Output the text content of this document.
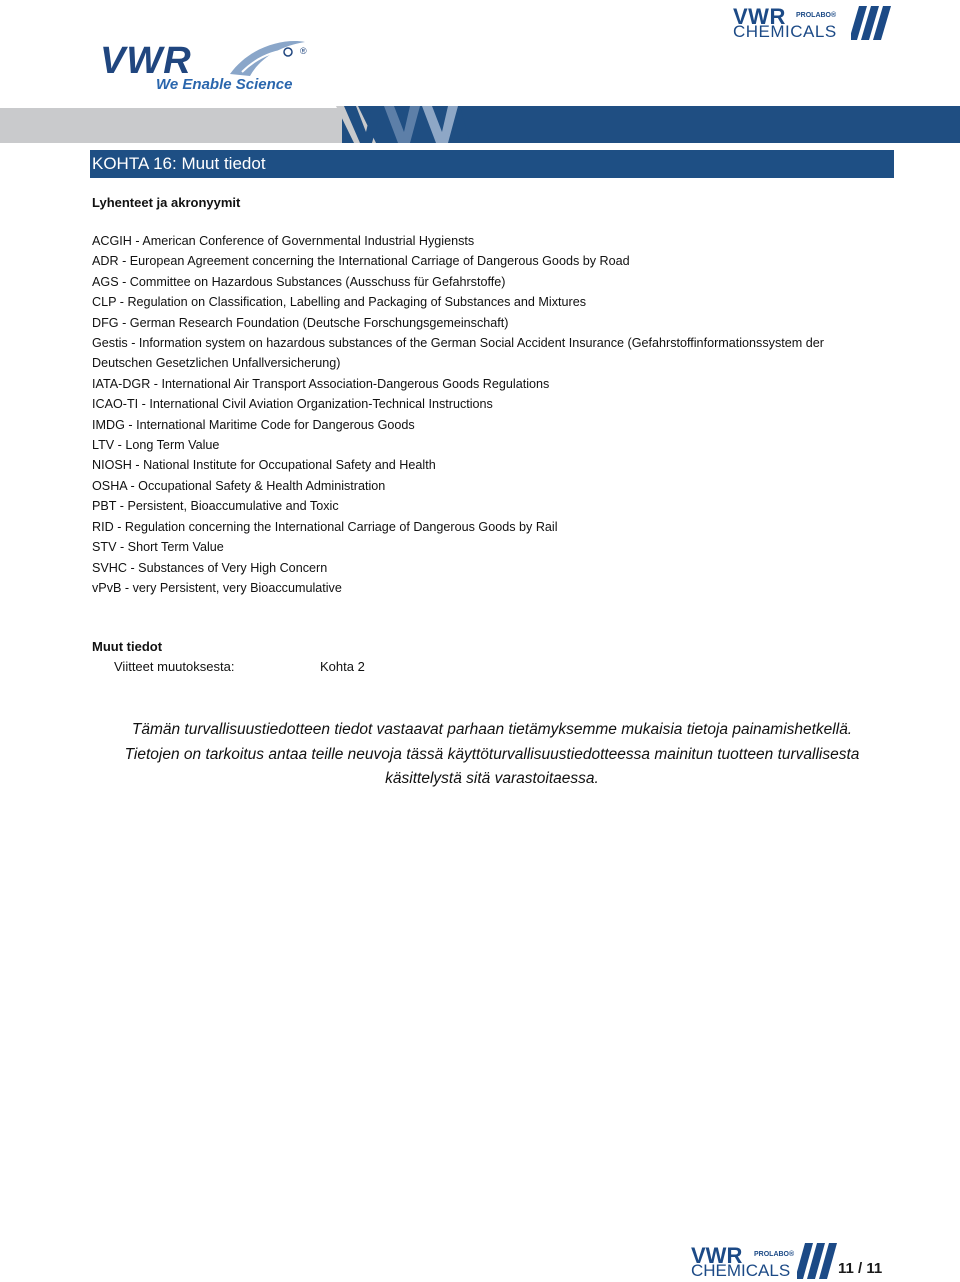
VWR PROLABO®
CHEMICALS
VWR	®
We Enable Science
KOHTA 16: Muut tiedot
Lyhenteet ja akronyymit
ACGIH - American Conference of Governmental Industrial Hygiensts
ADR - European Agreement concerning the International Carriage of Dangerous Goods by Road
AGS - Committee on Hazardous Substances (Ausschuss für Gefahrstoffe)
CLP - Regulation on Classification, Labelling and Packaging of Substances and Mixtures
DFG - German Research Foundation (Deutsche Forschungsgemeinschaft)
Gestis - Information system on hazardous substances of the German Social Accident Insurance (Gefahrstoffinformationssystem der Deutschen Gesetzlichen Unfallversicherung)
IATA-DGR - International Air Transport Association-Dangerous Goods Regulations
ICAO-TI - International Civil Aviation Organization-Technical Instructions
IMDG - International Maritime Code for Dangerous Goods
LTV - Long Term Value
NIOSH - National Institute for Occupational Safety and Health
OSHA - Occupational Safety & Health Administration
PBT - Persistent, Bioaccumulative and Toxic
RID - Regulation concerning the International Carriage of Dangerous Goods by Rail
STV - Short Term Value
SVHC - Substances of Very High Concern
vPvB - very Persistent, very Bioaccumulative
Muut tiedot
Viitteet muutoksesta:	Kohta 2
Tämän turvallisuustiedotteen tiedot vastaavat parhaan tietämyksemme mukaisia tietoja painamishetkellä.
Tietojen on tarkoitus antaa teille neuvoja tässä käyttöturvallisuustiedotteessa mainitun tuotteen turvallisesta
käsittelystä sitä varastoitaessa.
VWR PROLABO®
CHEMICALS	11 / 11
